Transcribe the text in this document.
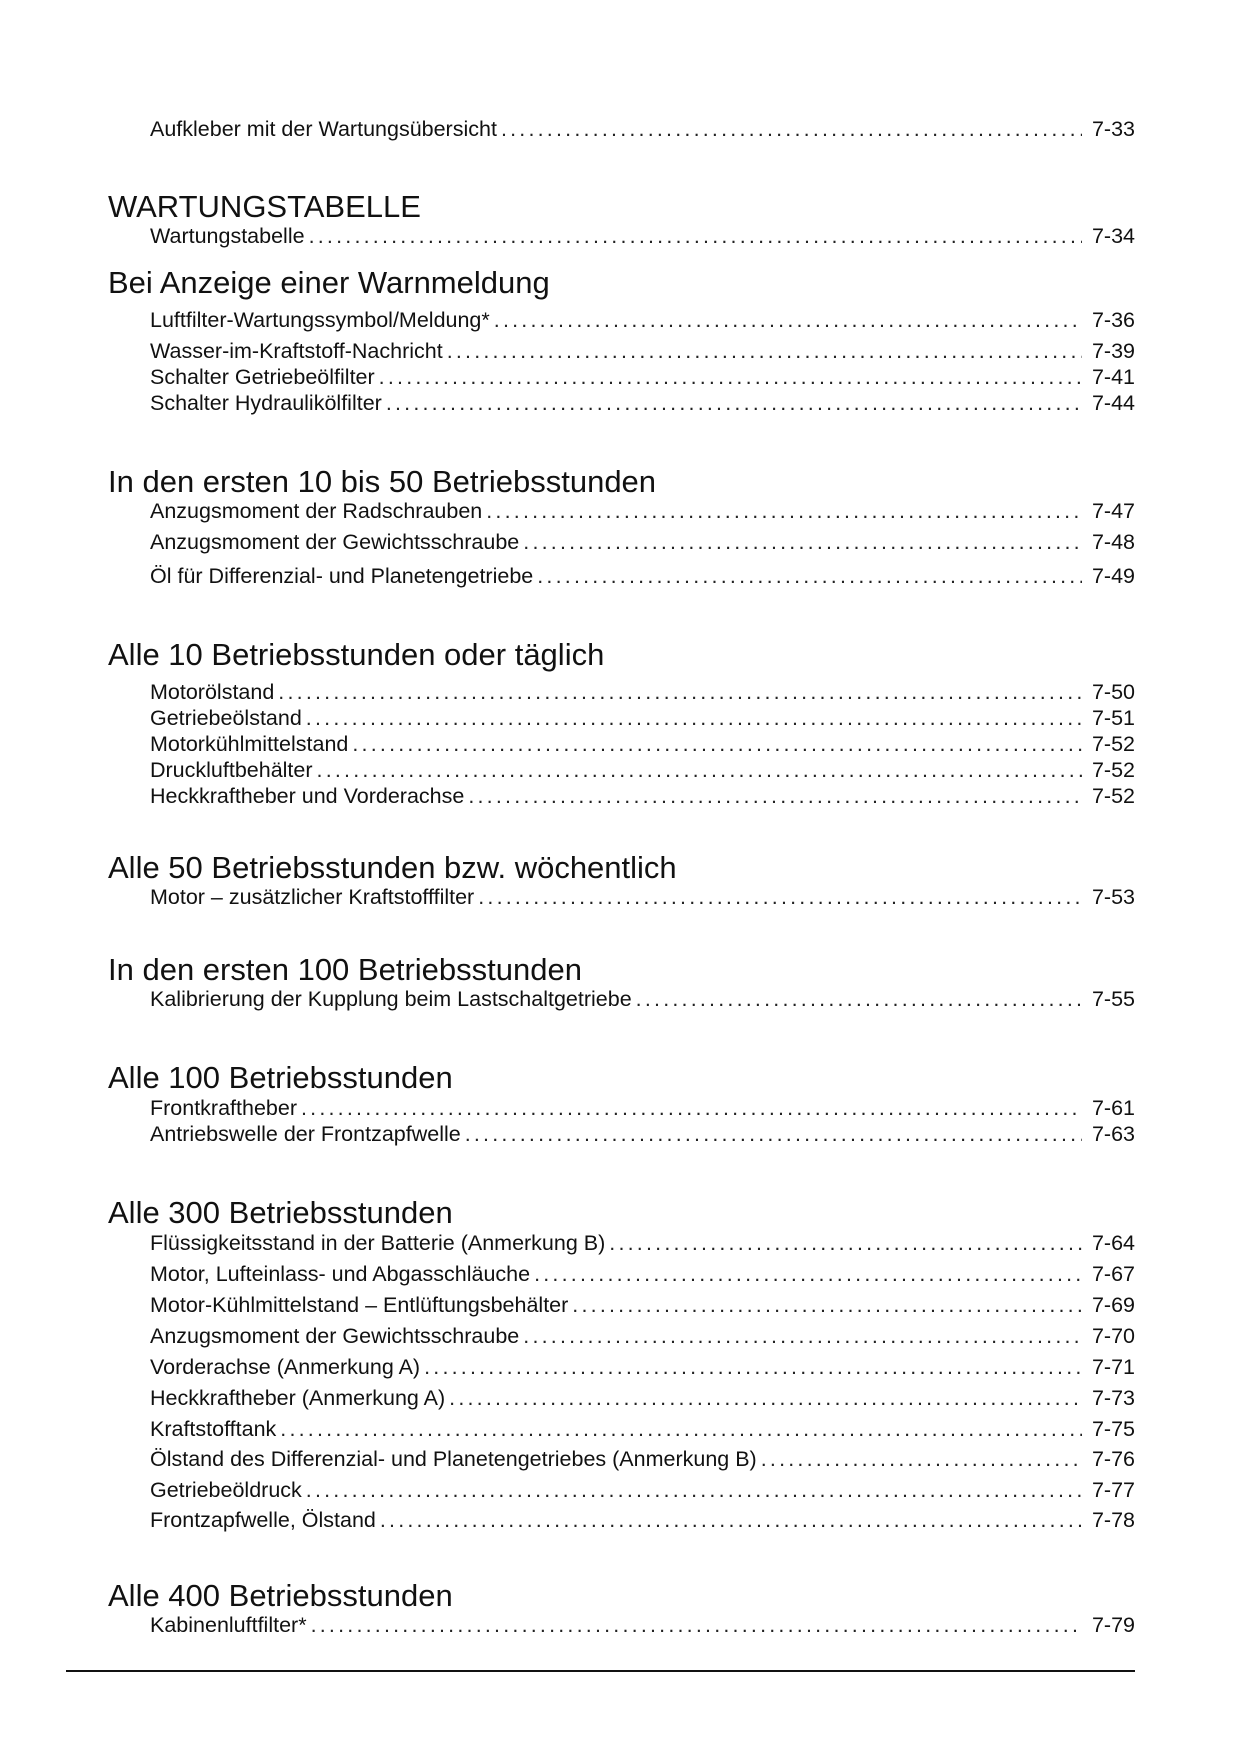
Aufkleber mit der Wartungsübersicht .....	7-33
WARTUNGSTABELLE
Wartungstabelle .....	7-34
Bei Anzeige einer Warnmeldung
Luftfilter-Wartungssymbol/Meldung* .....	7-36
Wasser-im-Kraftstoff-Nachricht .....	7-39
Schalter Getriebeölfilter .....	7-41
Schalter Hydraulikölfilter .....	7-44
In den ersten 10 bis 50 Betriebsstunden
Anzugsmoment der Radschrauben .....	7-47
Anzugsmoment der Gewichtsschraube .....	7-48
Öl für Differenzial- und Planetengetriebe .....	7-49
Alle 10 Betriebsstunden oder täglich
Motorölstand .....	7-50
Getriebeölstand .....	7-51
Motorkühlmittelstand .....	7-52
Druckluftbehälter .....	7-52
Heckkraftheber und Vorderachse .....	7-52
Alle 50 Betriebsstunden bzw. wöchentlich
Motor – zusätzlicher Kraftstofffilter .....	7-53
In den ersten 100 Betriebsstunden
Kalibrierung der Kupplung beim Lastschaltgetriebe .....	7-55
Alle 100 Betriebsstunden
Frontkraftheber .....	7-61
Antriebswelle der Frontzapfwelle .....	7-63
Alle 300 Betriebsstunden
Flüssigkeitsstand in der Batterie (Anmerkung B) .....	7-64
Motor, Lufteinlass- und Abgasschläuche .....	7-67
Motor-Kühlmittelstand – Entlüftungsbehälter .....	7-69
Anzugsmoment der Gewichtsschraube .....	7-70
Vorderachse (Anmerkung A) .....	7-71
Heckkraftheber (Anmerkung A) .....	7-73
Kraftstofftank .....	7-75
Ölstand des Differenzial- und Planetengetriebes (Anmerkung B) .....	7-76
Getriebeöldruck .....	7-77
Frontzapfwelle, Ölstand .....	7-78
Alle 400 Betriebsstunden
Kabinenluftfilter* .....	7-79
